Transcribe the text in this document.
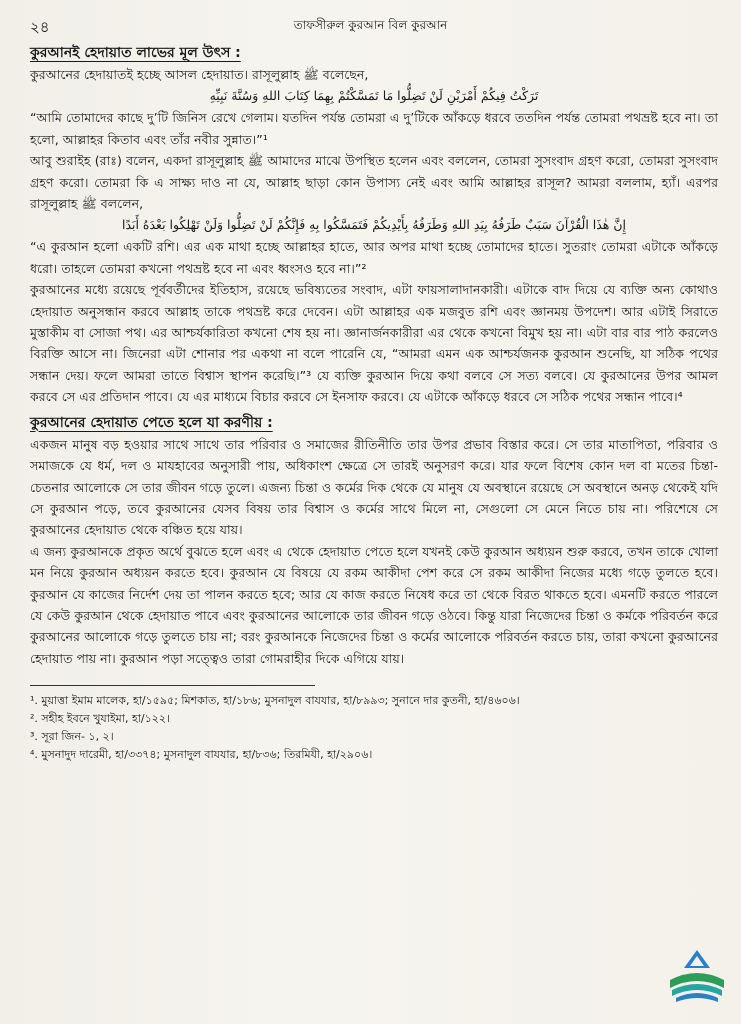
২৪	তাফসীরুল কুরআন বিল কুরআন
কুরআনই হেদায়াত লাভের মূল উৎস :

কুরআনের হেদায়াতই হচ্ছে আসল হেদায়াত। রাসূলুল্লাহ ﷺ বলেছেন,

تَرَكْتُ فِيكُمْ أَمْرَيْنِ لَنْ تَضِلُّوا مَا تَمَسَّكْتُمْ بِهِمَا كِتَابَ اللهِ وَسُنَّةَ نَبِيِّهِ

“আমি তোমাদের কাছে দু’টি জিনিস রেখে গেলাম। যতদিন পর্যন্ত তোমরা এ দু’টিকে আঁকড়ে ধরবে ততদিন পর্যন্ত তোমরা পথভ্রষ্ট হবে না। তা হলো, আল্লাহর কিতাব এবং তাঁর নবীর সুন্নাত।”¹

আবু শুরাইহ (রাঃ) বলেন, একদা রাসূলুল্লাহ ﷺ আমাদের মাঝে উপস্থিত হলেন এবং বললেন, তোমরা সুসংবাদ গ্রহণ করো, তোমরা সুসংবাদ গ্রহণ করো। তোমরা কি এ সাক্ষ্য দাও না যে, আল্লাহ ছাড়া কোন উপাস্য নেই এবং আমি আল্লাহর রাসূল? আমরা বললাম, হ্যাঁ। এরপর রাসূলুল্লাহ ﷺ বললেন,

إِنَّ هٰذَا الْقُرْآنَ سَبَبٌ طَرَفُهُ بِيَدِ اللهِ وَطَرَفُهُ بِأَيْدِيكُمْ فَتَمَسَّكُوا بِهِ فَإِنَّكُمْ لَنْ تَضِلُّوا وَلَنْ تَهْلِكُوا بَعْدَهُ أَبَدًا

“এ কুরআন হলো একটি রশি। এর এক মাথা হচ্ছে আল্লাহর হাতে, আর অপর মাথা হচ্ছে তোমাদের হাতে। সুতরাং তোমরা এটাকে আঁকড়ে ধরো। তাহলে তোমরা কখনো পথভ্রষ্ট হবে না এবং ধ্বংসও হবে না।”²

কুরআনের মধ্যে রয়েছে পূর্ববর্তীদের ইতিহাস, রয়েছে ভবিষ্যতের সংবাদ, এটা ফায়সালাদানকারী। এটাকে বাদ দিয়ে যে ব্যক্তি অন্য কোথাও হেদায়াত অনুসন্ধান করবে আল্লাহ তাকে পথভ্রষ্ট করে দেবেন। এটা আল্লাহর এক মজবুত রশি এবং জ্ঞানময় উপদেশ। আর এটাই সিরাতে মুস্তাকীম বা সোজা পথ। এর আশ্চর্যকারিতা কখনো শেষ হয় না। জ্ঞানার্জনকারীরা এর থেকে কখনো বিমুখ হয় না। এটা বার বার পাঠ করলেও বিরক্তি আসে না। জিনেরা এটা শোনার পর একথা না বলে পারেনি যে, “আমরা এমন এক আশ্চর্যজনক কুরআন শুনেছি, যা সঠিক পথের সন্ধান দেয়। ফলে আমরা তাতে বিশ্বাস স্থাপন করেছি।”³ যে ব্যক্তি কুরআন দিয়ে কথা বলবে সে সত্য বলবে। যে কুরআনের উপর আমল করবে সে এর প্রতিদান পাবে। যে এর মাধ্যমে বিচার করবে সে ইনসাফ করবে। যে এটাকে আঁকড়ে ধরবে সে সঠিক পথের সন্ধান পাবে।⁴

কুরআনের হেদায়াত পেতে হলে যা করণীয় :

একজন মানুষ বড় হওয়ার সাথে সাথে তার পরিবার ও সমাজের রীতিনীতি তার উপর প্রভাব বিস্তার করে। সে তার মাতাপিতা, পরিবার ও সমাজকে যে ধর্ম, দল ও মাযহাবের অনুসারী পায়, অধিকাংশ ক্ষেত্রে সে তারই অনুসরণ করে। যার ফলে বিশেষ কোন দল বা মতের চিন্তা-চেতনার আলোকে সে তার জীবন গড়ে তুলে। এজন্য চিন্তা ও কর্মের দিক থেকে যে মানুষ যে অবস্থানে রয়েছে সে অবস্থানে অনড় থেকেই যদি সে কুরআন পড়ে, তবে কুরআনের যেসব বিষয় তার বিশ্বাস ও কর্মের সাথে মিলে না, সেগুলো সে মেনে নিতে চায় না। পরিশেষে সে কুরআনের হেদায়াত থেকে বঞ্চিত হয়ে যায়।

এ জন্য কুরআনকে প্রকৃত অর্থে বুঝতে হলে এবং এ থেকে হেদায়াত পেতে হলে যখনই কেউ কুরআন অধ্যয়ন শুরু করবে, তখন তাকে খোলা মন নিয়ে কুরআন অধ্যয়ন করতে হবে। কুরআন যে বিষয়ে যে রকম আকীদা পেশ করে সে রকম আকীদা নিজের মধ্যে গড়ে তুলতে হবে। কুরআন যে কাজের নির্দেশ দেয় তা পালন করতে হবে; আর যে কাজ করতে নিষেধ করে তা থেকে বিরত থাকতে হবে। এমনটি করতে পারলে যে কেউ কুরআন থেকে হেদায়াত পাবে এবং কুরআনের আলোকে তার জীবন গড়ে ওঠবে। কিন্তু যারা নিজেদের চিন্তা ও কর্মকে পরিবর্তন করে কুরআনের আলোকে গড়ে তুলতে চায় না; বরং কুরআনকে নিজেদের চিন্তা ও কর্মের আলোকে পরিবর্তন করতে চায়, তারা কখনো কুরআনের হেদায়াত পায় না। কুরআন পড়া সত্ত্বেও তারা গোমরাহীর দিকে এগিয়ে যায়।

¹. মুয়াত্তা ইমাম মালেক, হা/১৫৯৫; মিশকাত, হা/১৮৬; মুসনাদুল বাযযার, হা/৮৯৯৩; সুনানে দার কুতনী, হা/৪৬০৬।
². সহীহ ইবনে খুযাইমা, হা/১২২।
³. সূরা জিন- ১, ২।
⁴. মুসনাদুদ দারেমী, হা/৩৩৭৪; মুসনাদুল বাযযার, হা/৮৩৬; তিরমিযী, হা/২৯০৬।
